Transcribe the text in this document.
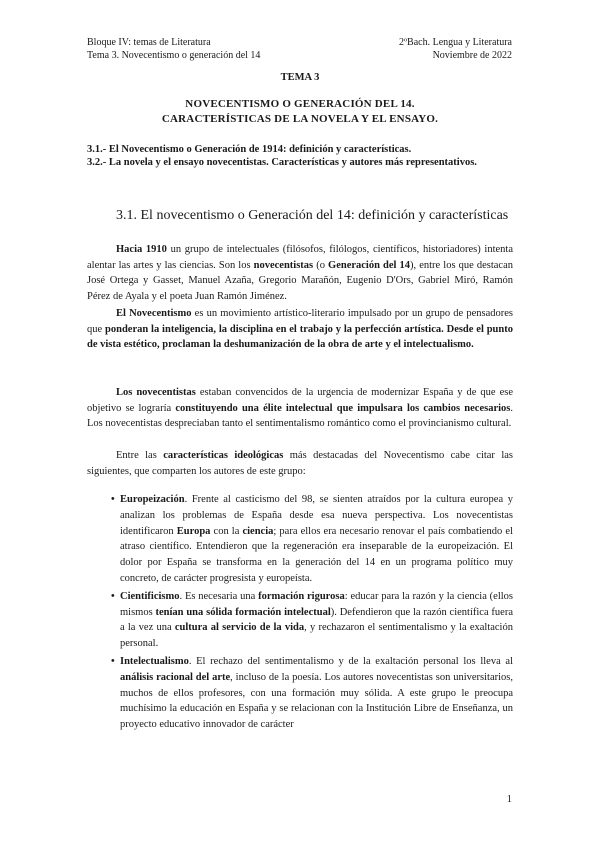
Bloque IV: temas de Literatura
Tema 3. Novecentismo o generación del 14
2ºBach. Lengua y Literatura
Noviembre de 2022
TEMA 3
NOVECENTISMO O GENERACIÓN DEL 14.
CARACTERÍSTICAS DE LA NOVELA Y EL ENSAYO.
3.1.- El Novecentismo o Generación de 1914: definición y características.
3.2.- La novela y el ensayo novecentistas. Características y autores más representativos.
3.1. El novecentismo o Generación del 14: definición y características

Hacia 1910 un grupo de intelectuales (filósofos, filólogos, científicos, historiadores) intenta alentar las artes y las ciencias. Son los novecentistas (o Generación del 14), entre los que destacan José Ortega y Gasset, Manuel Azaña, Gregorio Marañón, Eugenio D'Ors, Gabriel Miró, Ramón Pérez de Ayala y el poeta Juan Ramón Jiménez.

El Novecentismo es un movimiento artístico-literario impulsado por un grupo de pensadores que ponderan la inteligencia, la disciplina en el trabajo y la perfección artística. Desde el punto de vista estético, proclaman la deshumanización de la obra de arte y el intelectualismo.

Los novecentistas estaban convencidos de la urgencia de modernizar España y de que ese objetivo se lograría constituyendo una élite intelectual que impulsara los cambios necesarios. Los novecentistas despreciaban tanto el sentimentalismo romántico como el provincianismo cultural.

Entre las características ideológicas más destacadas del Novecentismo cabe citar las siguientes, que comparten los autores de este grupo:

• Europeización. Frente al casticismo del 98, se sienten atraídos por la cultura europea y analizan los problemas de España desde esa nueva perspectiva. Los novecentistas identificaron Europa con la ciencia; para ellos era necesario renovar el país combatiendo el atraso científico. Entendieron que la regeneración era inseparable de la europeización. El dolor por España se transforma en la generación del 14 en un programa político muy concreto, de carácter progresista y europeísta.
• Cientificismo. Es necesaria una formación rigurosa: educar para la razón y la ciencia (ellos mismos tenían una sólida formación intelectual). Defendieron que la razón científica fuera a la vez una cultura al servicio de la vida, y rechazaron el sentimentalismo y la exaltación personal.
• Intelectualismo. El rechazo del sentimentalismo y de la exaltación personal los lleva al análisis racional del arte, incluso de la poesía. Los autores novecentistas son universitarios, muchos de ellos profesores, con una formación muy sólida. A este grupo le preocupa muchísimo la educación en España y se relacionan con la Institución Libre de Enseñanza, un proyecto educativo innovador de carácter
1
